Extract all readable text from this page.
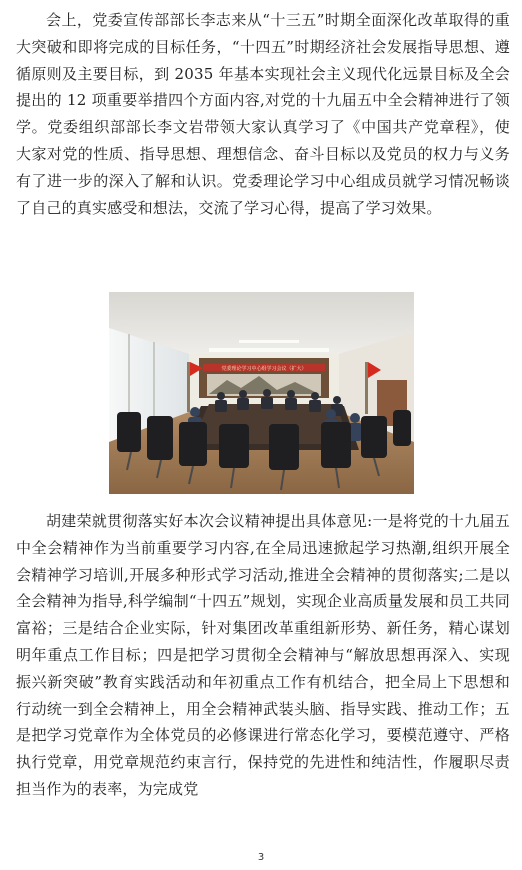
会上，党委宣传部部长李志来从“十三五”时期全面深化改革取得的重大突破和即将完成的目标任务，“十四五”时期经济社会发展指导思想、遵循原则及主要目标，到 2035 年基本实现社会主义现代化远景目标及全会提出的 12 项重要举措四个方面内容,对党的十九届五中全会精神进行了领学。党委组织部部长李文岩带领大家认真学习了《中国共产党章程》，使大家对党的性质、指导思想、理想信念、奋斗目标以及党员的权力与义务有了进一步的深入了解和认识。党委理论学习中心组成员就学习情况畅谈了自己的真实感受和想法，交流了学习心得，提高了学习效果。

党委理论学习中心组学习会议（扩大）

胡建荣就贯彻落实好本次会议精神提出具体意见:一是将党的十九届五中全会精神作为当前重要学习内容,在全局迅速掀起学习热潮,组织开展全会精神学习培训,开展多种形式学习活动,推进全会精神的贯彻落实;二是以全会精神为指导,科学编制“十四五”规划，实现企业高质量发展和员工共同富裕；三是结合企业实际，针对集团改革重组新形势、新任务，精心谋划明年重点工作目标；四是把学习贯彻全会精神与“解放思想再深入、实现振兴新突破”教育实践活动和年初重点工作有机结合，把全局上下思想和行动统一到全会精神上，用全会精神武装头脑、指导实践、推动工作；五是把学习党章作为全体党员的必修课进行常态化学习，要模范遵守、严格执行党章，用党章规范约束言行，保持党的先进性和纯洁性，作履职尽责担当作为的表率，为完成党

3
